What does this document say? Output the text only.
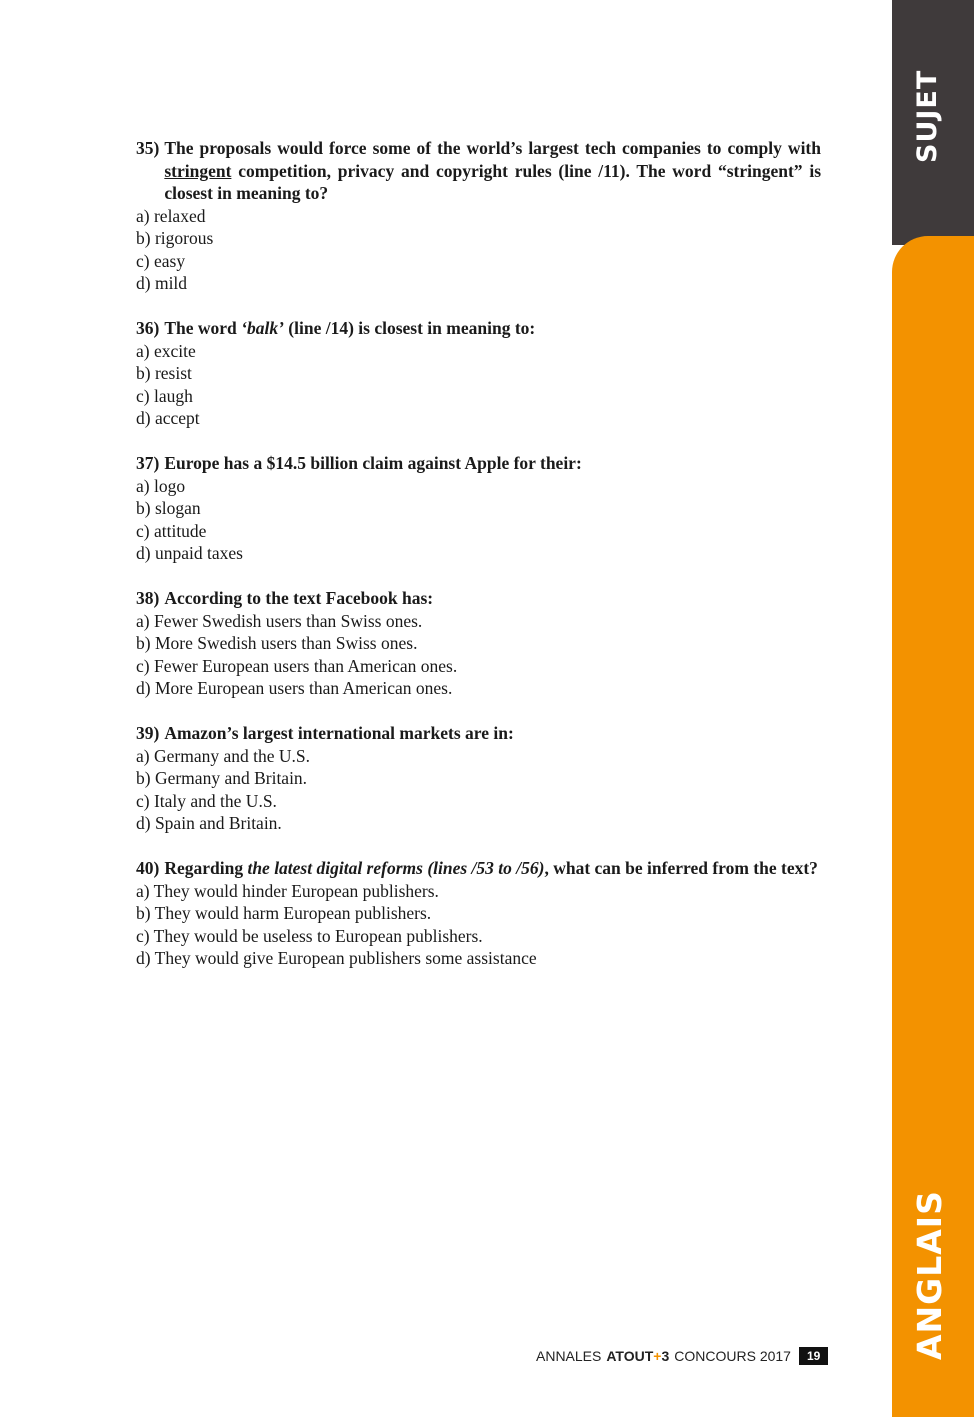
SUJET
ANGLAIS
35) The proposals would force some of the world’s largest tech companies to comply with stringent competition, privacy and copyright rules (line /11). The word “stringent” is closest in meaning to?
a) relaxed
b) rigorous
c) easy
d) mild
36) The word ‘balk’ (line /14) is closest in meaning to:
a) excite
b) resist
c) laugh
d) accept
37) Europe has a $14.5 billion claim against Apple for their:
a) logo
b) slogan
c) attitude
d) unpaid taxes
38) According to the text Facebook has:
a) Fewer Swedish users than Swiss ones.
b) More Swedish users than Swiss ones.
c) Fewer European users than American ones.
d) More European users than American ones.
39) Amazon’s largest international markets are in:
a) Germany and the U.S.
b) Germany and Britain.
c) Italy and the U.S.
d) Spain and Britain.
40) Regarding the latest digital reforms (lines /53 to /56), what can be inferred from the text?
a) They would hinder European publishers.
b) They would harm European publishers.
c) They would be useless to European publishers.
d) They would give European publishers some assistance
ANNALES ATOUT + 3 CONCOURS 2017	19
